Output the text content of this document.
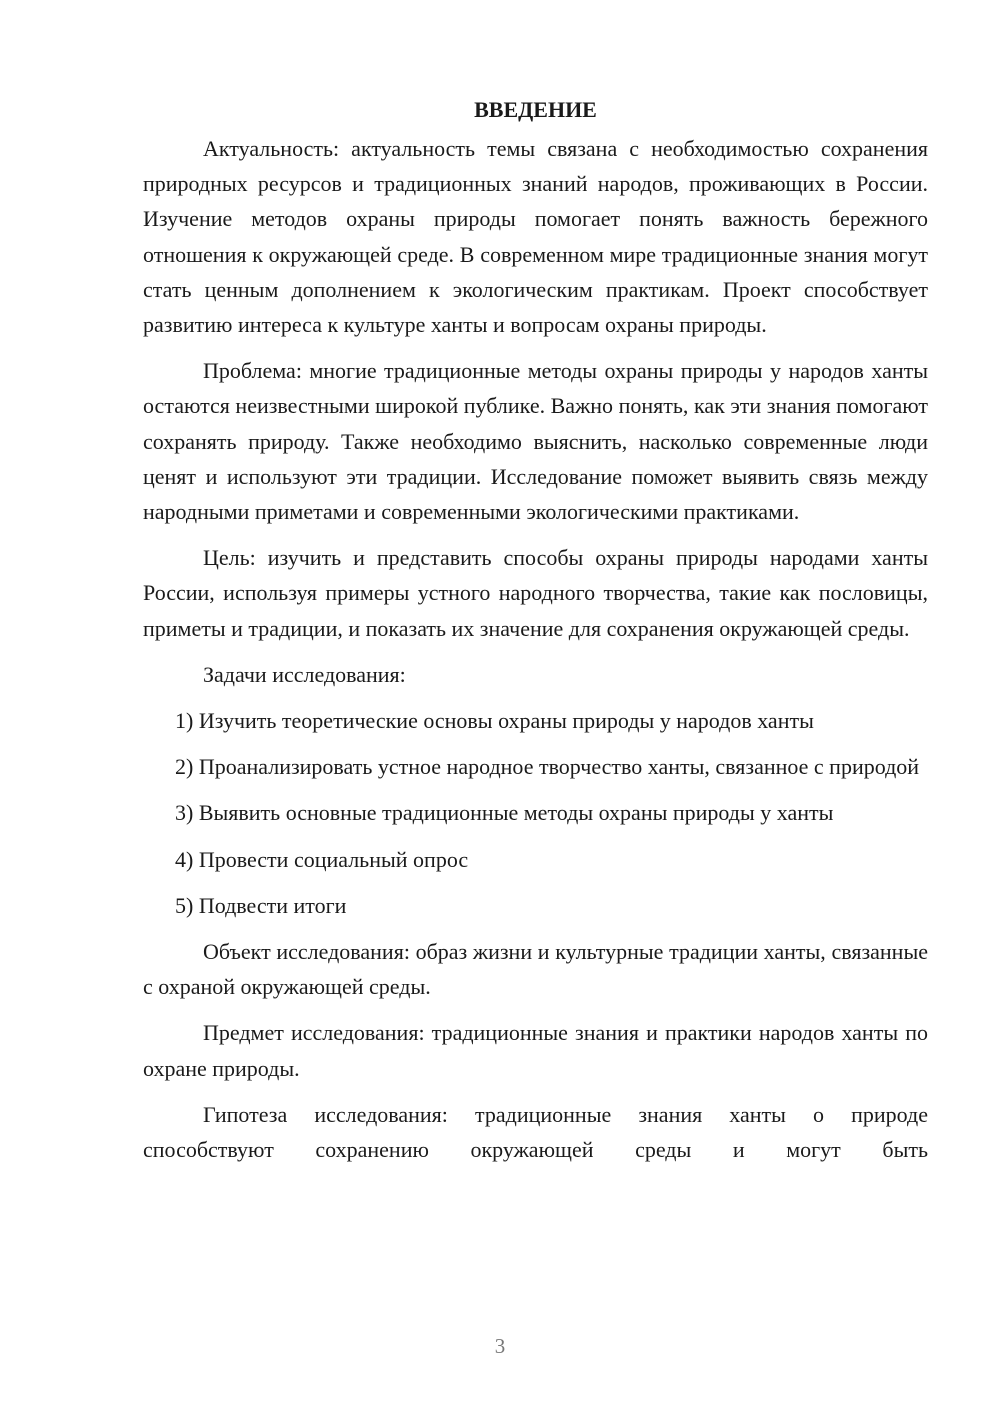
ВВЕДЕНИЕ

Актуальность: актуальность темы связана с необходимостью сохранения природных ресурсов и традиционных знаний народов, проживающих в России. Изучение методов охраны природы помогает понять важность бережного отношения к окружающей среде. В современном мире традиционные знания могут стать ценным дополнением к экологическим практикам. Проект способствует развитию интереса к культуре ханты и вопросам охраны природы.

Проблема: многие традиционные методы охраны природы у народов ханты остаются неизвестными широкой публике. Важно понять, как эти знания помогают сохранять природу. Также необходимо выяснить, насколько современные люди ценят и используют эти традиции. Исследование поможет выявить связь между народными приметами и современными экологическими практиками.

Цель: изучить и представить способы охраны природы народами ханты России, используя примеры устного народного творчества, такие как пословицы, приметы и традиции, и показать их значение для сохранения окружающей среды.

Задачи исследования:

1) Изучить теоретические основы охраны природы у народов ханты

2) Проанализировать устное народное творчество ханты, связанное с природой

3) Выявить основные традиционные методы охраны природы у ханты

4) Провести социальный опрос

5) Подвести итоги

Объект исследования: образ жизни и культурные традиции ханты, связанные с охраной окружающей среды.

Предмет исследования: традиционные знания и практики народов ханты по охране природы.

Гипотеза исследования: традиционные знания ханты о природе способствуют сохранению окружающей среды и могут быть

3
